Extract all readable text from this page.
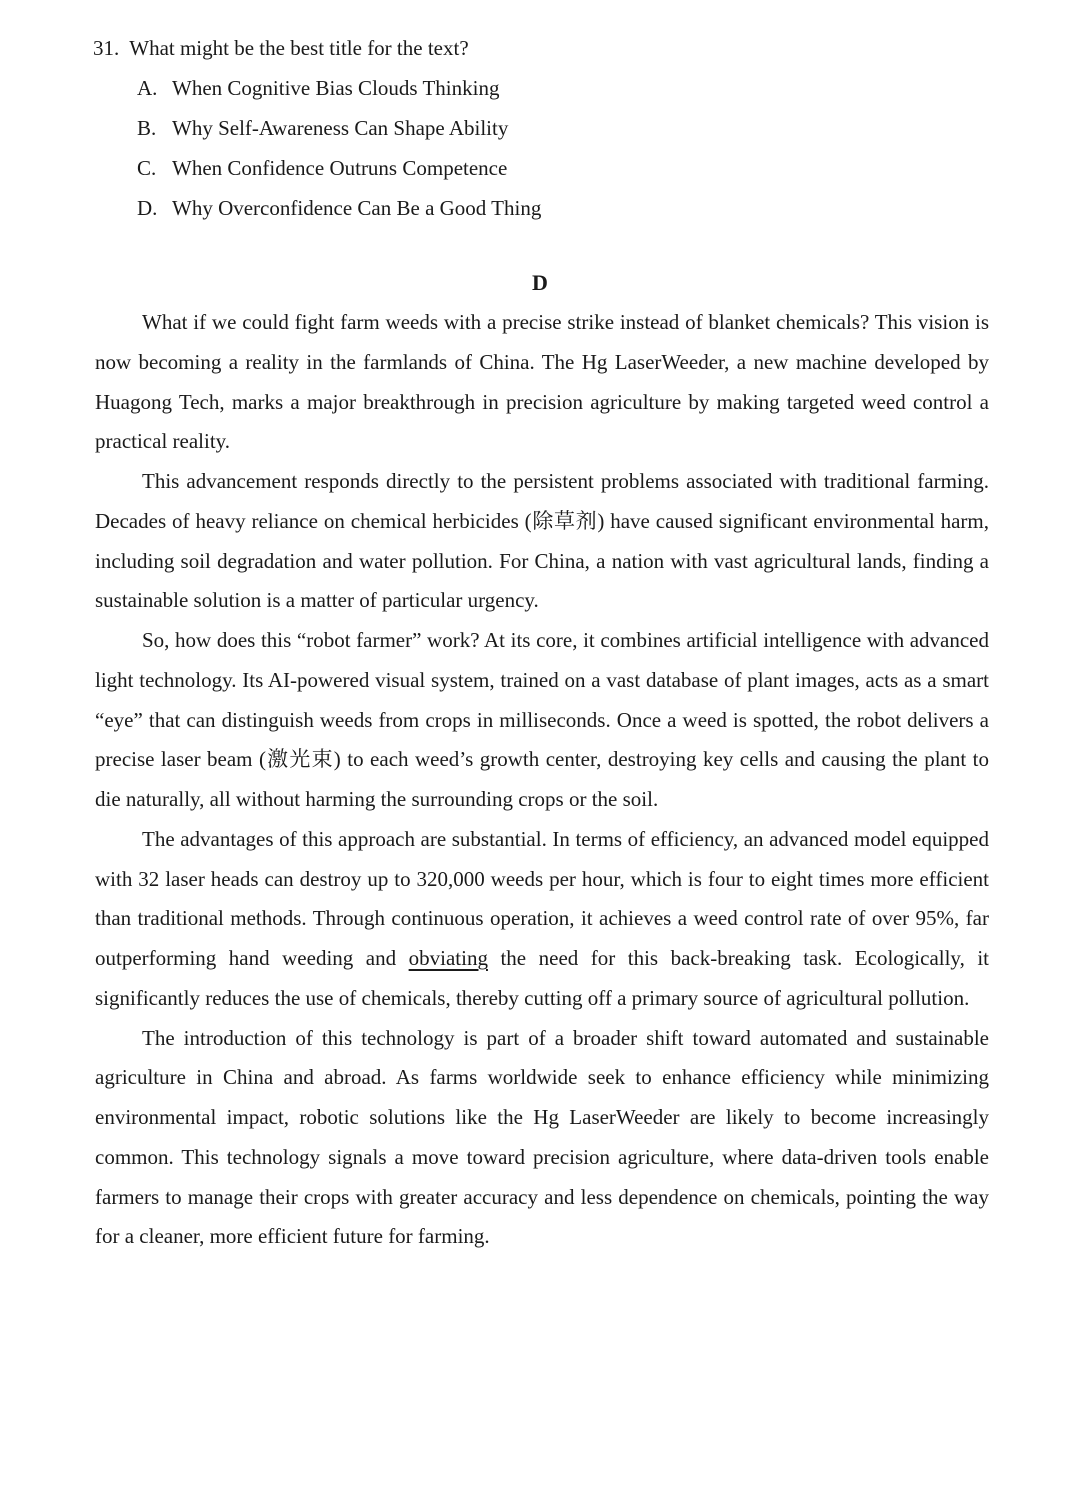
31. What might be the best title for the text?
A. When Cognitive Bias Clouds Thinking
B. Why Self-Awareness Can Shape Ability
C. When Confidence Outruns Competence
D. Why Overconfidence Can Be a Good Thing
D

What if we could fight farm weeds with a precise strike instead of blanket chemicals? This vision is now becoming a reality in the farmlands of China. The Hg LaserWeeder, a new machine developed by Huagong Tech, marks a major breakthrough in precision agriculture by making targeted weed control a practical reality.

This advancement responds directly to the persistent problems associated with traditional farming. Decades of heavy reliance on chemical herbicides (除草剂) have caused significant environmental harm, including soil degradation and water pollution. For China, a nation with vast agricultural lands, finding a sustainable solution is a matter of particular urgency.

So, how does this “robot farmer” work? At its core, it combines artificial intelligence with advanced light technology. Its AI-powered visual system, trained on a vast database of plant images, acts as a smart “eye” that can distinguish weeds from crops in milliseconds. Once a weed is spotted, the robot delivers a precise laser beam (激光束) to each weed’s growth center, destroying key cells and causing the plant to die naturally, all without harming the surrounding crops or the soil.

The advantages of this approach are substantial. In terms of efficiency, an advanced model equipped with 32 laser heads can destroy up to 320,000 weeds per hour, which is four to eight times more efficient than traditional methods. Through continuous operation, it achieves a weed control rate of over 95%, far outperforming hand weeding and obviating the need for this back-breaking task. Ecologically, it significantly reduces the use of chemicals, thereby cutting off a primary source of agricultural pollution.

The introduction of this technology is part of a broader shift toward automated and sustainable agriculture in China and abroad. As farms worldwide seek to enhance efficiency while minimizing environmental impact, robotic solutions like the Hg LaserWeeder are likely to become increasingly common. This technology signals a move toward precision agriculture, where data-driven tools enable farmers to manage their crops with greater accuracy and less dependence on chemicals, pointing the way for a cleaner, more efficient future for farming.
